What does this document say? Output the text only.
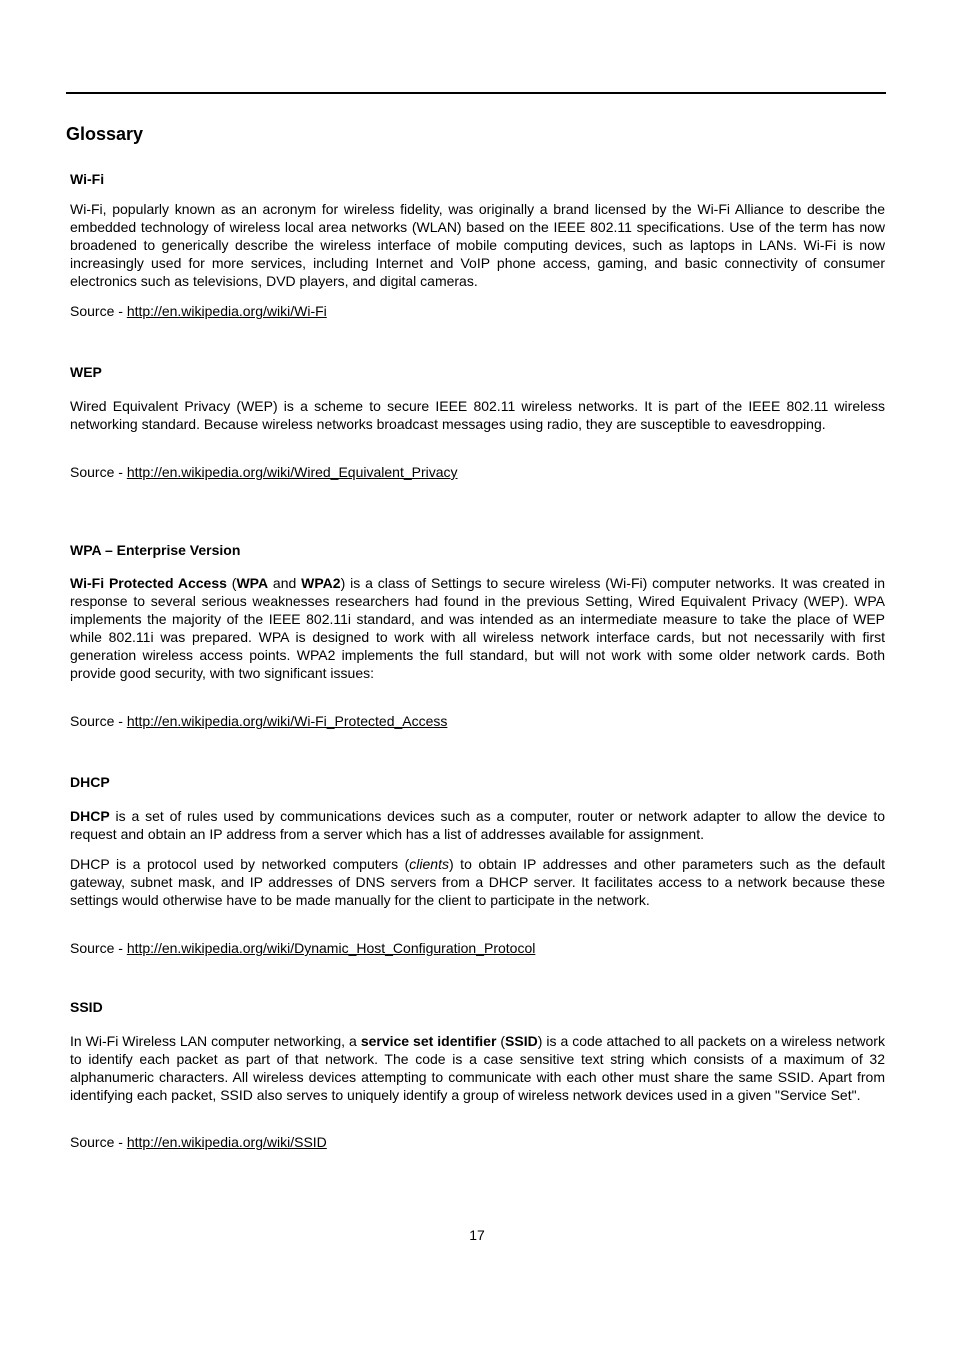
Glossary
Wi-Fi

Wi-Fi, popularly known as an acronym for wireless fidelity, was originally a brand licensed by the Wi-Fi Alliance to describe the embedded technology of wireless local area networks (WLAN) based on the IEEE 802.11 specifications. Use of the term has now broadened to generically describe the wireless interface of mobile computing devices, such as laptops in LANs. Wi-Fi is now increasingly used for more services, including Internet and VoIP phone access, gaming, and basic connectivity of consumer electronics such as televisions, DVD players, and digital cameras.

Source - http://en.wikipedia.org/wiki/Wi-Fi
WEP

Wired Equivalent Privacy (WEP) is a scheme to secure IEEE 802.11 wireless networks. It is part of the IEEE 802.11 wireless networking standard. Because wireless networks broadcast messages using radio, they are susceptible to eavesdropping.

Source - http://en.wikipedia.org/wiki/Wired_Equivalent_Privacy
WPA – Enterprise Version

Wi-Fi Protected Access (WPA and WPA2) is a class of Settings to secure wireless (Wi-Fi) computer networks. It was created in response to several serious weaknesses researchers had found in the previous Setting, Wired Equivalent Privacy (WEP). WPA implements the majority of the IEEE 802.11i standard, and was intended as an intermediate measure to take the place of WEP while 802.11i was prepared. WPA is designed to work with all wireless network interface cards, but not necessarily with first generation wireless access points. WPA2 implements the full standard, but will not work with some older network cards. Both provide good security, with two significant issues:

Source - http://en.wikipedia.org/wiki/Wi-Fi_Protected_Access
DHCP

DHCP is a set of rules used by communications devices such as a computer, router or network adapter to allow the device to request and obtain an IP address from a server which has a list of addresses available for assignment.

DHCP is a protocol used by networked computers (clients) to obtain IP addresses and other parameters such as the default gateway, subnet mask, and IP addresses of DNS servers from a DHCP server. It facilitates access to a network because these settings would otherwise have to be made manually for the client to participate in the network.

Source - http://en.wikipedia.org/wiki/Dynamic_Host_Configuration_Protocol
SSID

In Wi-Fi Wireless LAN computer networking, a service set identifier (SSID) is a code attached to all packets on a wireless network to identify each packet as part of that network. The code is a case sensitive text string which consists of a maximum of 32 alphanumeric characters. All wireless devices attempting to communicate with each other must share the same SSID. Apart from identifying each packet, SSID also serves to uniquely identify a group of wireless network devices used in a given "Service Set".

Source - http://en.wikipedia.org/wiki/SSID
17
